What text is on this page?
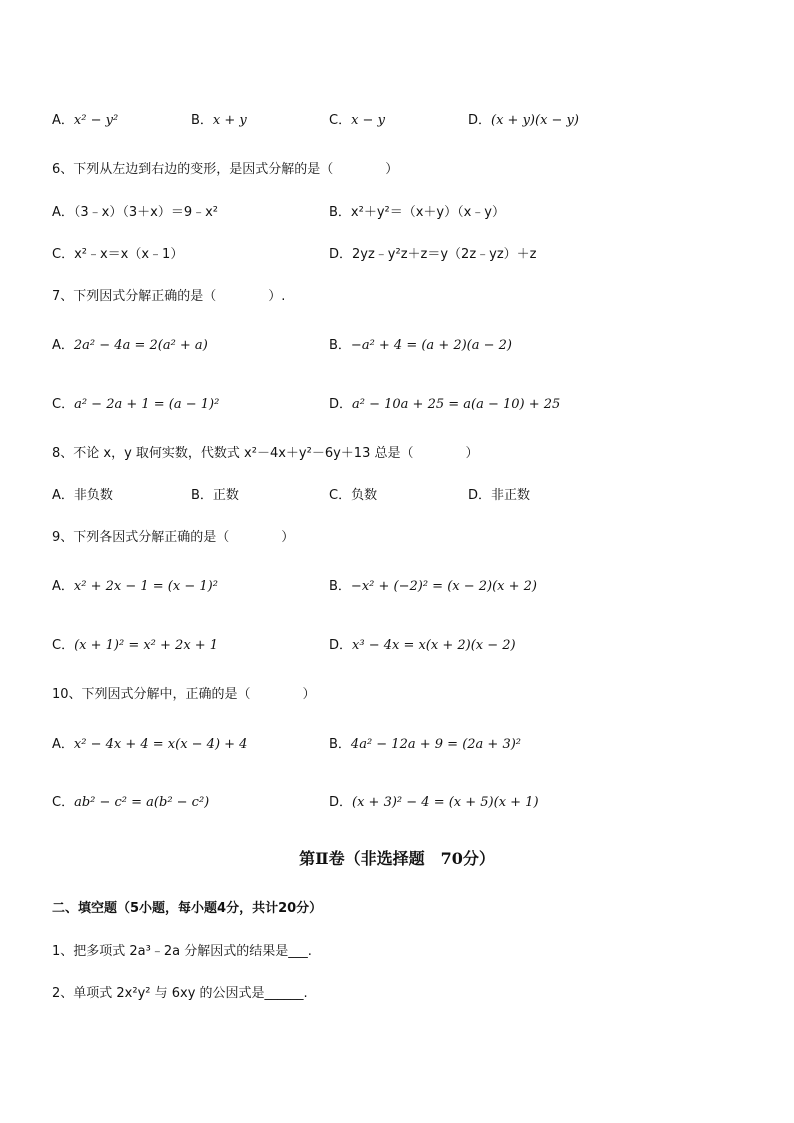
A．x² − y²	B．x + y	C．x − y	D．(x + y)(x − y)
6、下列从左边到右边的变形，是因式分解的是（　　　　）
A．（3﹣x）（3＋x）＝9﹣x²	B．x²＋y²＝（x＋y）（x﹣y）
C．x²﹣x＝x（x﹣1）	D．2yz﹣y²z＋z＝y（2z﹣yz）＋z
7、下列因式分解正确的是（　　　　）.
A．2a² − 4a = 2(a² + a)	B．−a² + 4 = (a + 2)(a − 2)
C．a² − 2a + 1 = (a − 1)²	D．a² − 10a + 25 = a(a − 10) + 25
8、不论 x，y 取何实数，代数式 x²－4x＋y²－6y＋13 总是（　　　　）
A．非负数	B．正数	C．负数	D．非正数
9、下列各因式分解正确的是（　　　　）
A．x² + 2x − 1 = (x − 1)²	B．−x² + (−2)² = (x − 2)(x + 2)
C．(x + 1)² = x² + 2x + 1	D．x³ − 4x = x(x + 2)(x − 2)
10、下列因式分解中，正确的是（　　　　）
A．x² − 4x + 4 = x(x − 4) + 4	B．4a² − 12a + 9 = (2a + 3)²
C．ab² − c² = a(b² − c²)	D．(x + 3)² − 4 = (x + 5)(x + 1)
第Ⅱ卷（非选择题　70分）
二、填空题（5小题，每小题4分，共计20分）
1、把多项式 2a³﹣2a 分解因式的结果是___.
2、单项式 2x²y² 与 6xy 的公因式是______.
